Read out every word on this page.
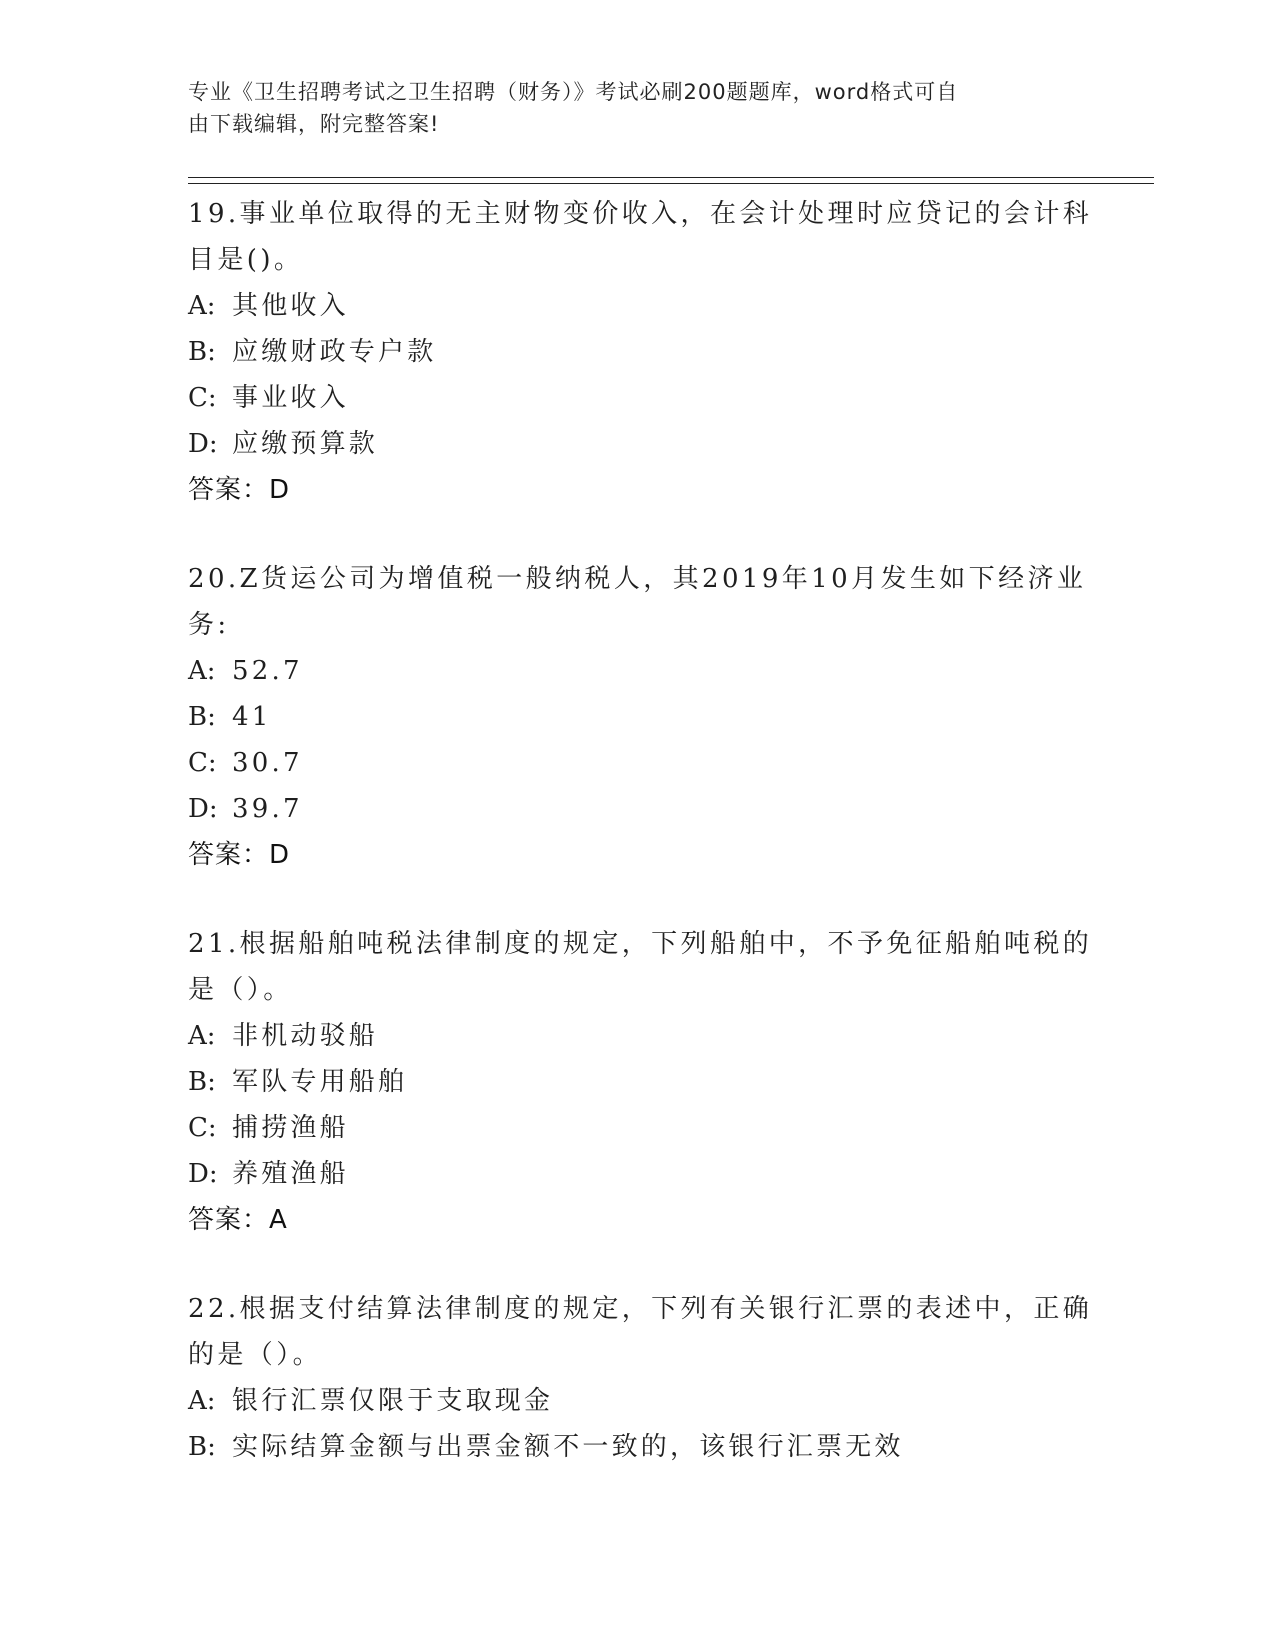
专业《卫生招聘考试之卫生招聘（财务）》考试必刷200题题库，word格式可自
由下载编辑，附完整答案!
19.事业单位取得的无主财物变价收入，在会计处理时应贷记的会计科
目是()。
A: 其他收入
B: 应缴财政专户款
C: 事业收入
D: 应缴预算款
答案：D
20.Z货运公司为增值税一般纳税人，其2019年10月发生如下经济业
务:
A: 52.7
B: 41
C: 30.7
D: 39.7
答案：D
21.根据船舶吨税法律制度的规定，下列船舶中，不予免征船舶吨税的
是（）。
A: 非机动驳船
B: 军队专用船舶
C: 捕捞渔船
D: 养殖渔船
答案：A
22.根据支付结算法律制度的规定，下列有关银行汇票的表述中，正确
的是（）。
A: 银行汇票仅限于支取现金
B: 实际结算金额与出票金额不一致的，该银行汇票无效
